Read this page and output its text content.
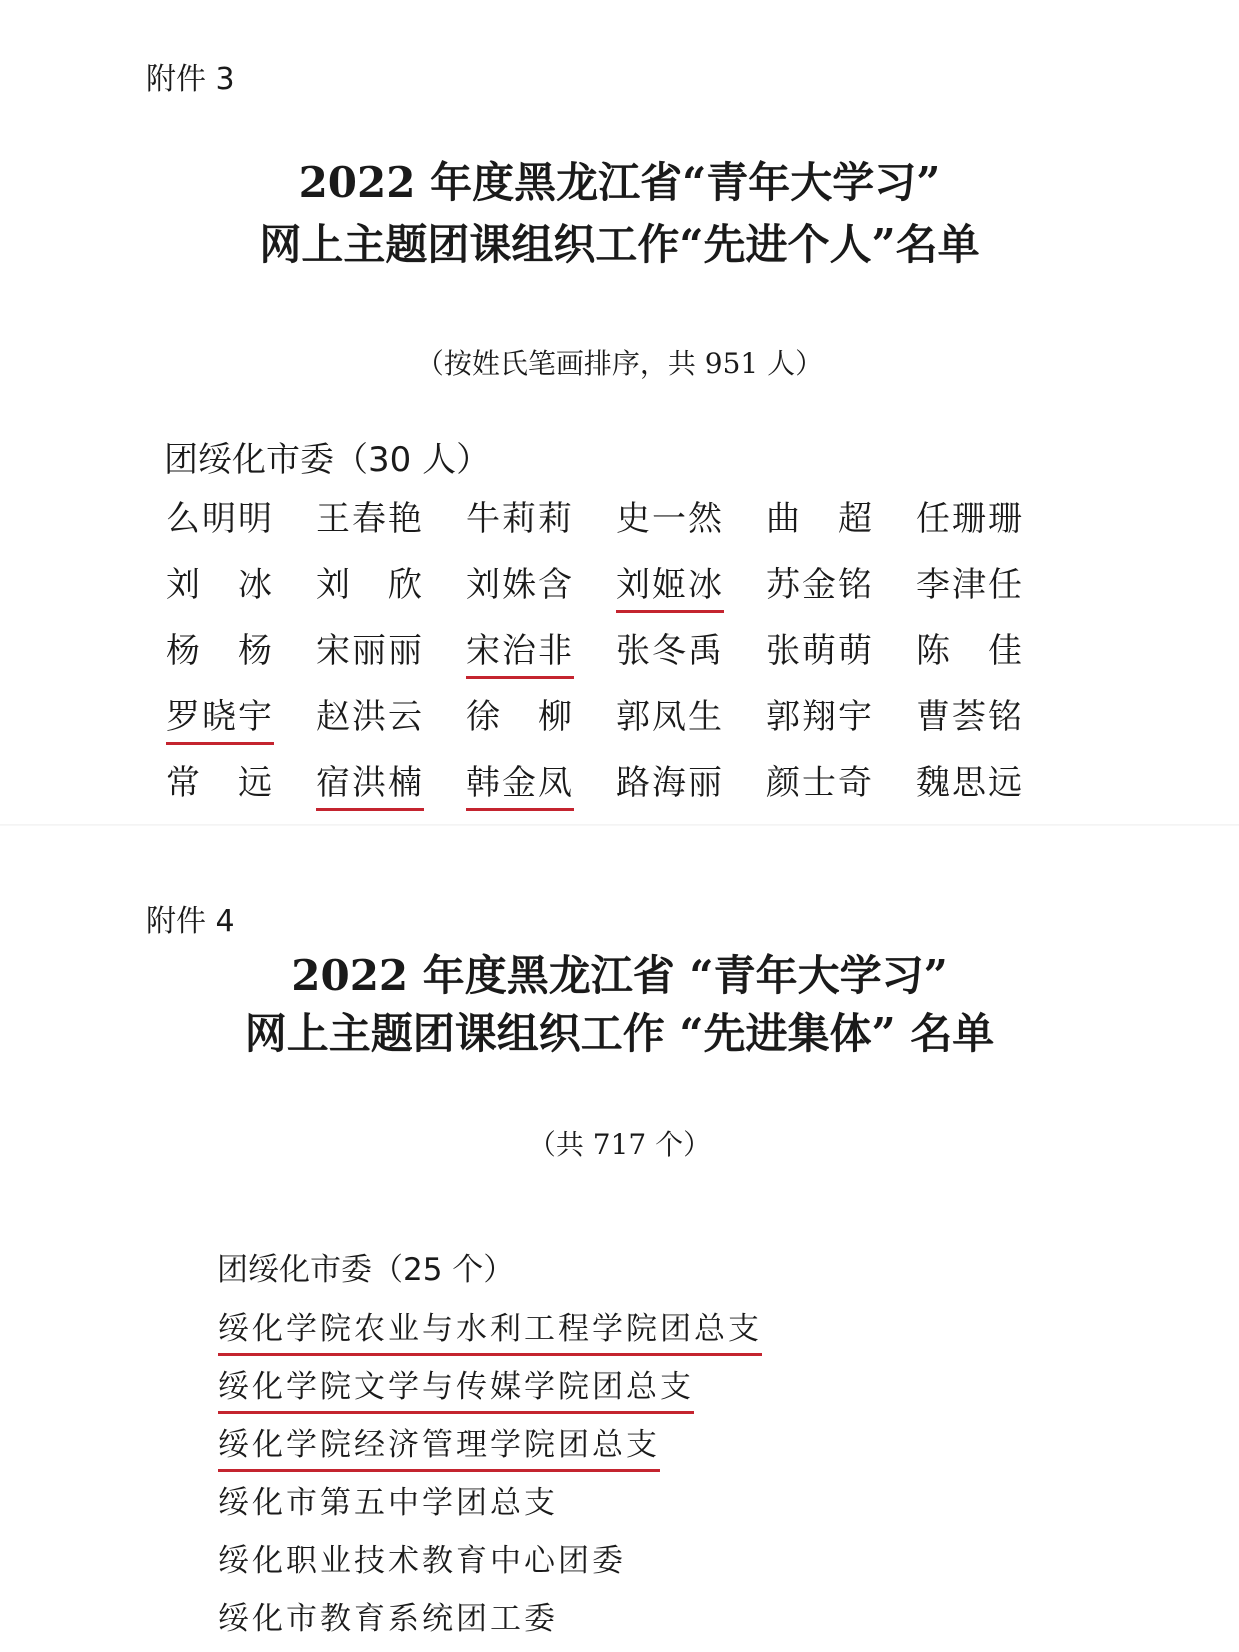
附件 3
2022 年度黑龙江省“青年大学习”
网上主题团课组织工作“先进个人”名单
（按姓氏笔画排序，共 951 人）
团绥化市委（30 人）
么明明	王春艳	牛莉莉	史一然	曲　超	任珊珊
刘　冰	刘　欣	刘姝含	刘姬冰	苏金铭	李津任
杨　杨	宋丽丽	宋治非	张冬禹	张萌萌	陈　佳
罗晓宇	赵洪云	徐　柳	郭凤生	郭翔宇	曹荟铭
常　远	宿洪楠	韩金凤	路海丽	颜士奇	魏思远
附件 4
2022 年度黑龙江省 “青年大学习”
网上主题团课组织工作 “先进集体” 名单
（共 717 个）
团绥化市委（25 个）
绥化学院农业与水利工程学院团总支
绥化学院文学与传媒学院团总支
绥化学院经济管理学院团总支
绥化市第五中学团总支
绥化职业技术教育中心团委
绥化市教育系统团工委
